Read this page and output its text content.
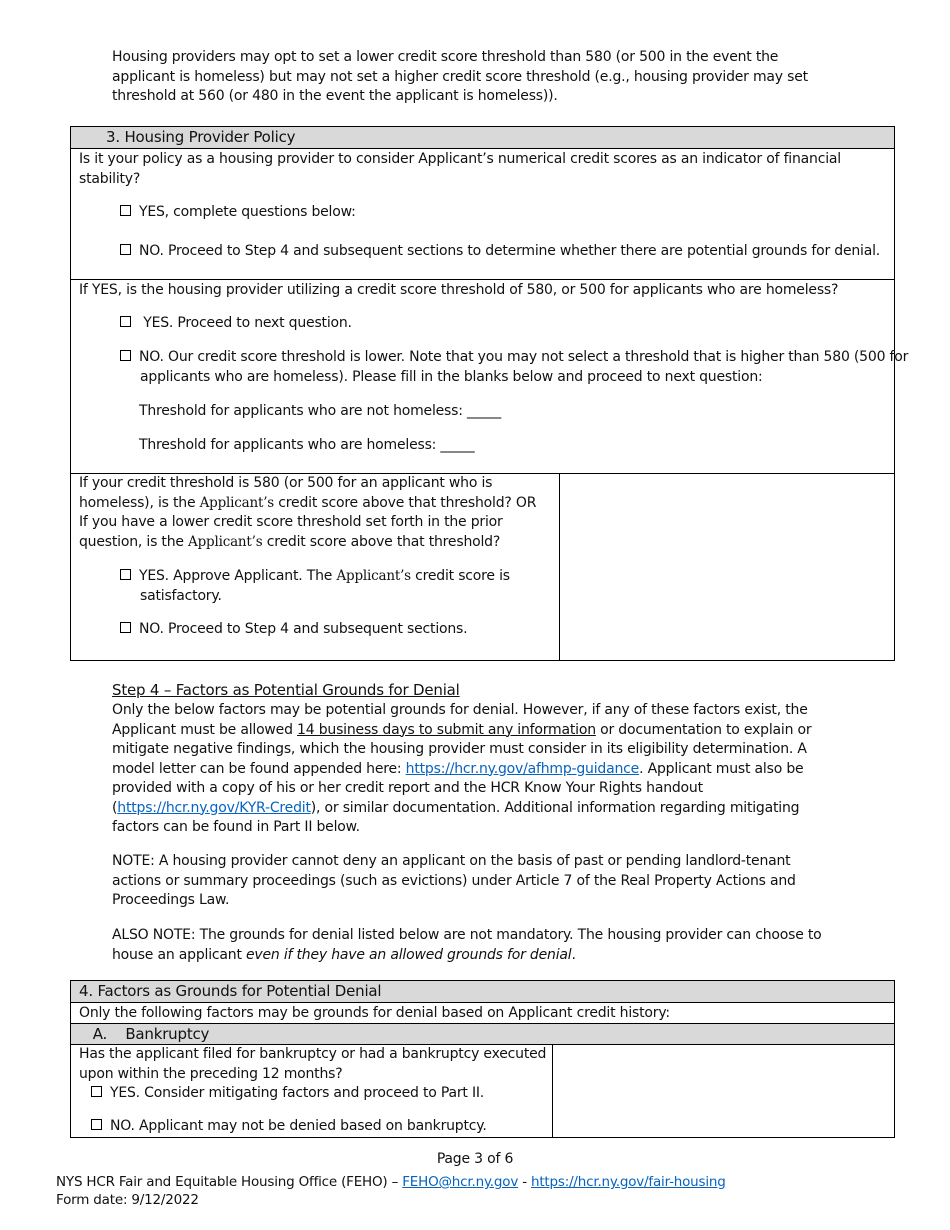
Housing providers may opt to set a lower credit score threshold than 580 (or 500 in the event the applicant is homeless) but may not set a higher credit score threshold (e.g., housing provider may set threshold at 560 (or 480 in the event the applicant is homeless)).

3. Housing Provider Policy
Is it your policy as a housing provider to consider Applicant’s numerical credit scores as an indicator of financial stability?
YES, complete questions below:
NO. Proceed to Step 4 and subsequent sections to determine whether there are potential grounds for denial.
If YES, is the housing provider utilizing a credit score threshold of 580, or 500 for applicants who are homeless?
YES. Proceed to next question.
NO. Our credit score threshold is lower. Note that you may not select a threshold that is higher than 580 (500 for applicants who are homeless). Please fill in the blanks below and proceed to next question:
Threshold for applicants who are not homeless: _____
Threshold for applicants who are homeless: _____
If your credit threshold is 580 (or 500 for an applicant who is homeless), is the Applicant’s credit score above that threshold? OR If you have a lower credit score threshold set forth in the prior question, is the Applicant’s credit score above that threshold?
YES. Approve Applicant. The Applicant’s credit score is satisfactory.
NO. Proceed to Step 4 and subsequent sections.

Step 4 – Factors as Potential Grounds for Denial

Only the below factors may be potential grounds for denial. However, if any of these factors exist, the Applicant must be allowed 14 business days to submit any information or documentation to explain or mitigate negative findings, which the housing provider must consider in its eligibility determination. A model letter can be found appended here: https://hcr.ny.gov/afhmp-guidance. Applicant must also be provided with a copy of his or her credit report and the HCR Know Your Rights handout (https://hcr.ny.gov/KYR-Credit), or similar documentation. Additional information regarding mitigating factors can be found in Part II below.

NOTE: A housing provider cannot deny an applicant on the basis of past or pending landlord-tenant actions or summary proceedings (such as evictions) under Article 7 of the Real Property Actions and Proceedings Law.

ALSO NOTE: The grounds for denial listed below are not mandatory. The housing provider can choose to house an applicant even if they have an allowed grounds for denial.

4. Factors as Grounds for Potential Denial
Only the following factors may be grounds for denial based on Applicant credit history:
A.    Bankruptcy
Has the applicant filed for bankruptcy or had a bankruptcy executed upon within the preceding 12 months?
YES. Consider mitigating factors and proceed to Part II.
NO. Applicant may not be denied based on bankruptcy.

Page 3 of 6

NYS HCR Fair and Equitable Housing Office (FEHO) – FEHO@hcr.ny.gov - https://hcr.ny.gov/fair-housing

Form date: 9/12/2022
